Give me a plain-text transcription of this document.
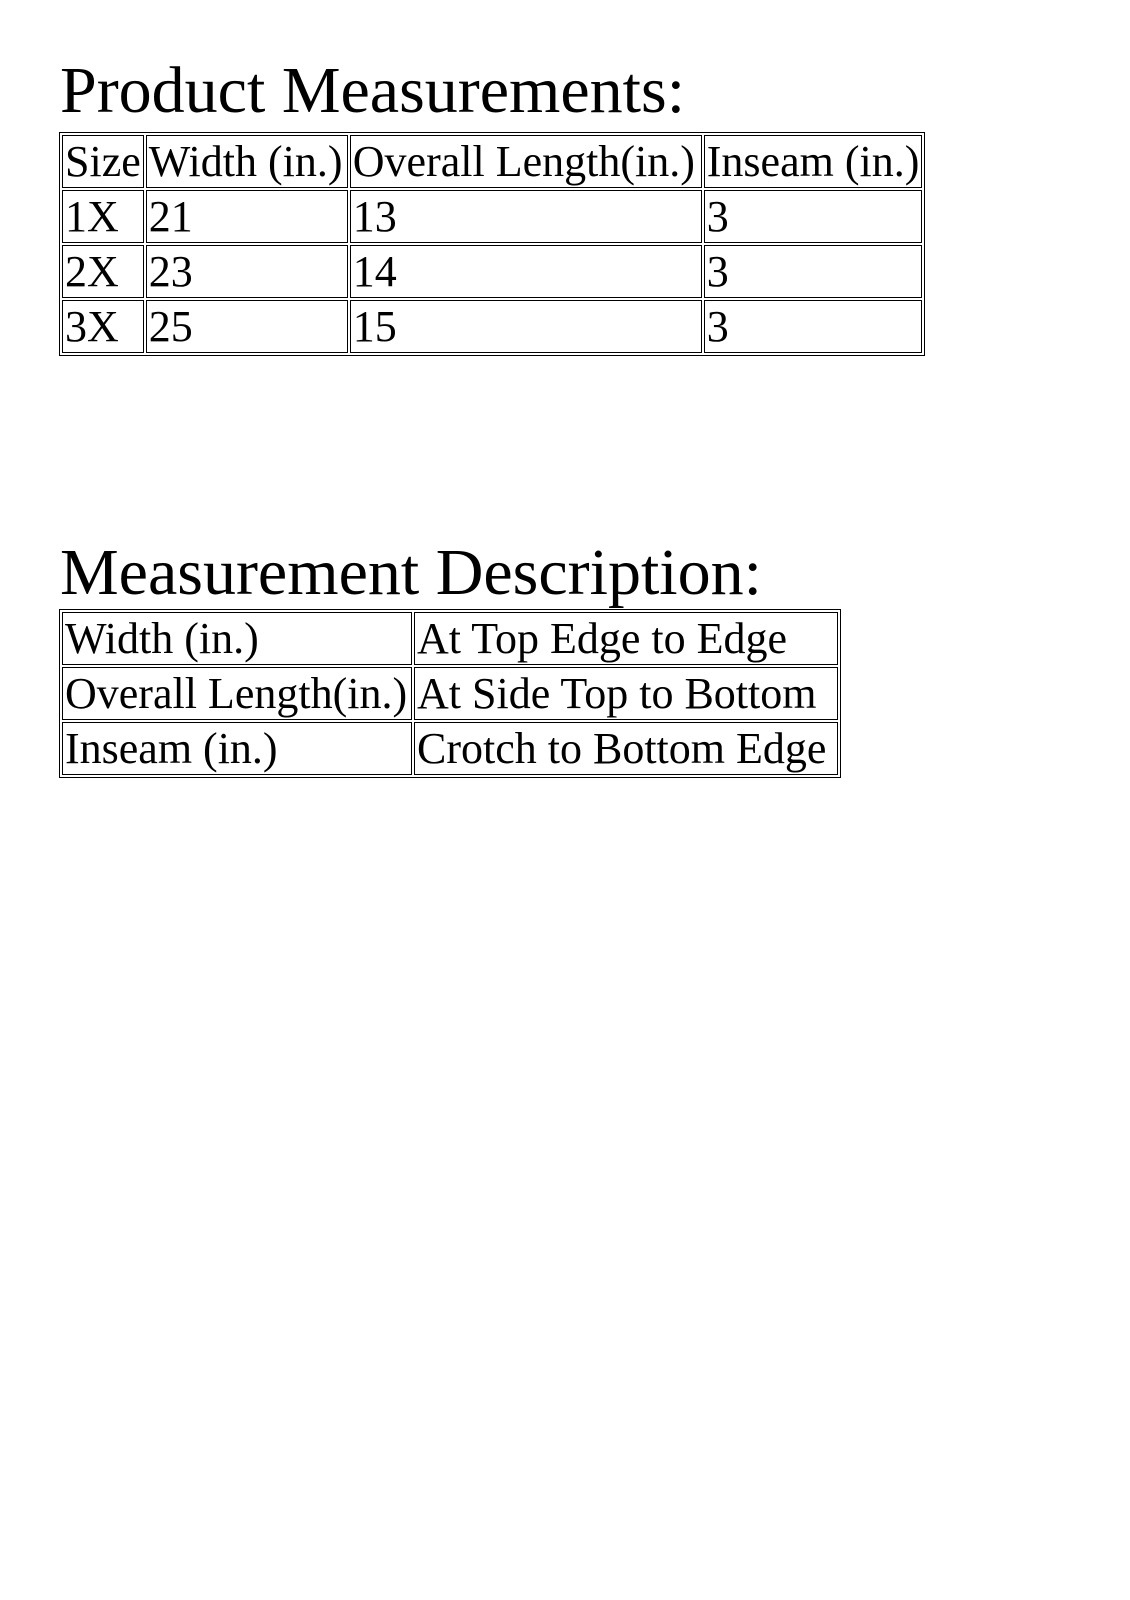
Product Measurements:
Size	Width (in.)	Overall Length(in.)	Inseam (in.)
1X	21	13	3
2X	23	14	3
3X	25	15	3
Measurement Description:
Width (in.)	At Top Edge to Edge
Overall Length(in.)	At Side Top to Bottom
Inseam (in.)	Crotch to Bottom Edge
